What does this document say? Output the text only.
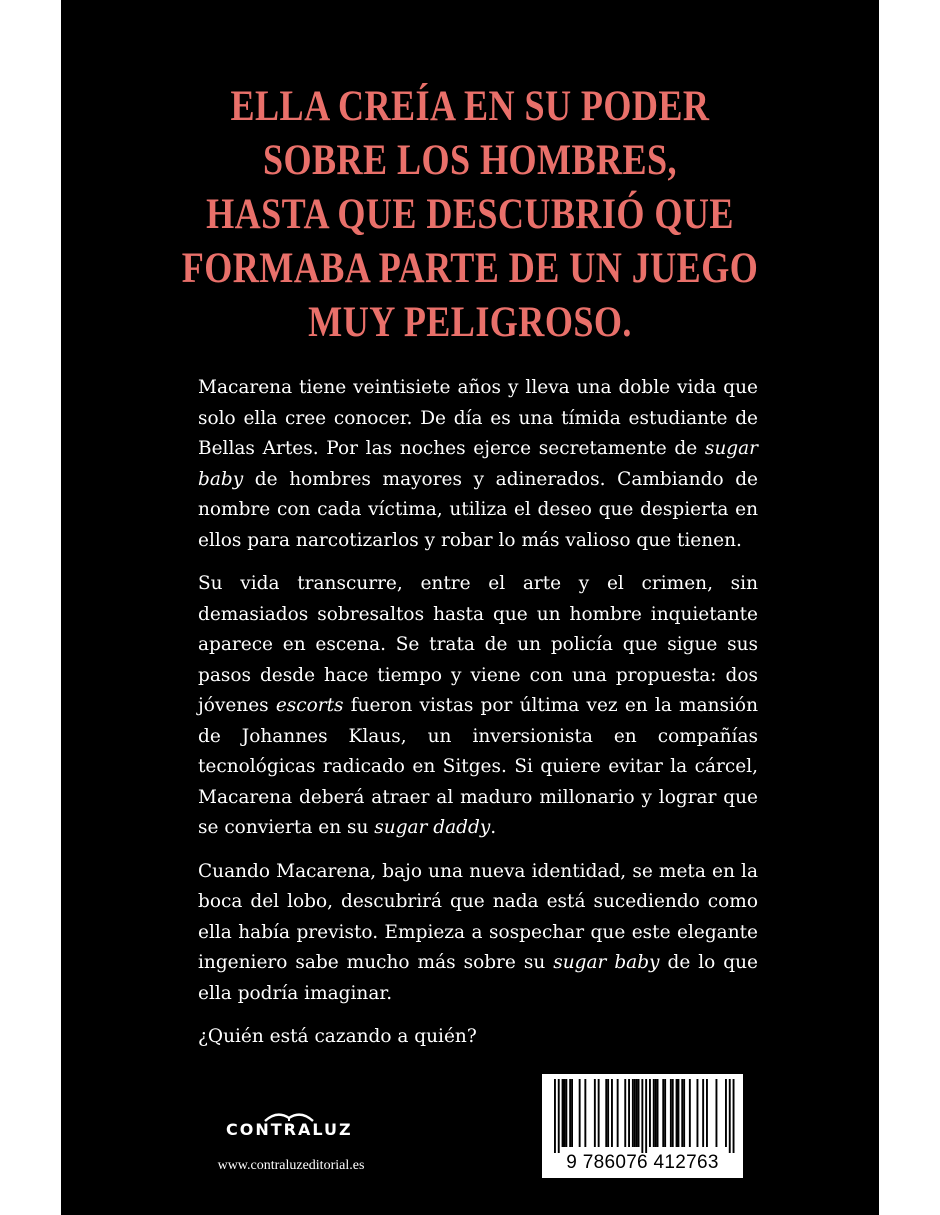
ELLA CREÍA EN SU PODER
SOBRE LOS HOMBRES,
HASTA QUE DESCUBRIÓ QUE
FORMABA PARTE DE UN JUEGO
MUY PELIGROSO.

Macarena tiene veintisiete años y lleva una doble vida que solo ella cree conocer. De día es una tímida estudiante de Bellas Artes. Por las noches ejerce secretamente de sugar baby de hombres mayores y adinerados. Cambiando de nombre con cada víctima, utiliza el deseo que despierta en ellos para narcotizarlos y robar lo más valioso que tienen.

Su vida transcurre, entre el arte y el crimen, sin demasiados sobresaltos hasta que un hombre inquietante aparece en escena. Se trata de un policía que sigue sus pasos desde hace tiempo y viene con una propuesta: dos jóvenes escorts fueron vistas por última vez en la mansión de Johannes Klaus, un inversionista en compañías tecnológicas radicado en Sitges. Si quiere evitar la cárcel, Macarena deberá atraer al maduro millonario y lograr que se convierta en su sugar daddy.

Cuando Macarena, bajo una nueva identidad, se meta en la boca del lobo, descubrirá que nada está sucediendo como ella había previsto. Empieza a sospechar que este elegante ingeniero sabe mucho más sobre su sugar baby de lo que ella podría imaginar.

¿Quién está cazando a quién?

CONTRALUZ
www.contraluzeditorial.es	9 786076 412763
